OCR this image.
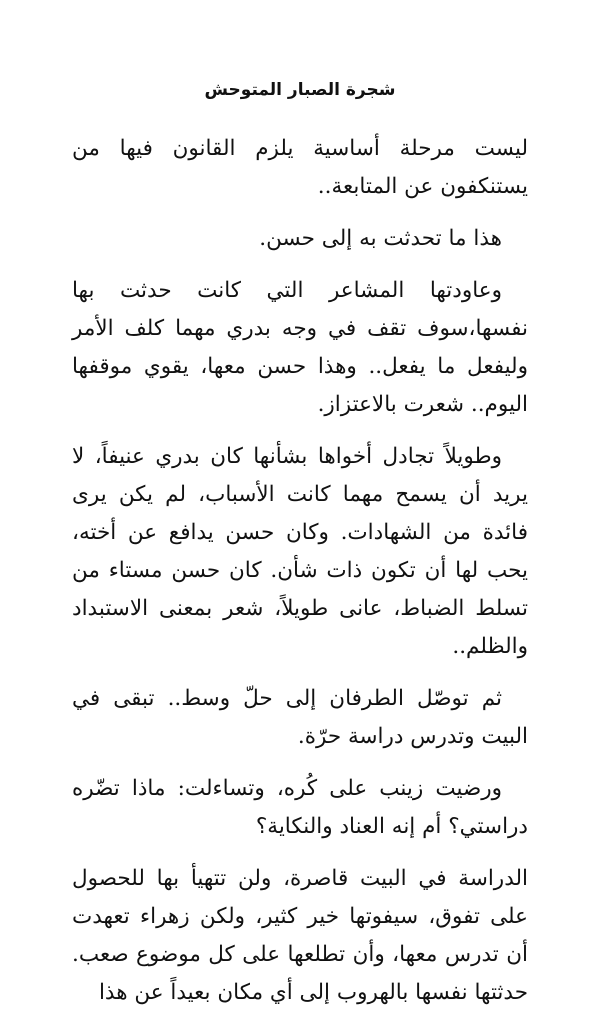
شجرة الصبار المتوحش

ليست مرحلة أساسية يلزم القانون فيها من يستنكفون عن المتابعة..

هذا ما تحدثت به إلى حسن.

وعاودتها المشاعر التي كانت حدثت بها نفسها،سوف تقف في وجه بدري مهما كلف الأمر وليفعل ما يفعل.. وهذا حسن معها، يقوي موقفها اليوم.. شعرت بالاعتزاز.

وطويلاً تجادل أخواها بشأنها كان بدري عنيفاً، لا يريد أن يسمح مهما كانت الأسباب، لم يكن يرى فائدة من الشهادات. وكان حسن يدافع عن أخته، يحب لها أن تكون ذات شأن. كان حسن مستاء من تسلط الضباط، عانى طويلاً، شعر بمعنى الاستبداد والظلم..

ثم توصّل الطرفان إلى حلّ وسط.. تبقى في البيت وتدرس دراسة حرّة.

ورضيت زينب على كُره، وتساءلت: ماذا تضّره دراستي؟ أم إنه العناد والنكاية؟

الدراسة في البيت قاصرة، ولن تتهيأ بها للحصول على تفوق، سيفوتها خير كثير، ولكن زهراء تعهدت أن تدرس معها، وأن تطلعها على كل موضوع صعب. حدثتها نفسها بالهروب إلى أي مكان بعيداً عن هذا
